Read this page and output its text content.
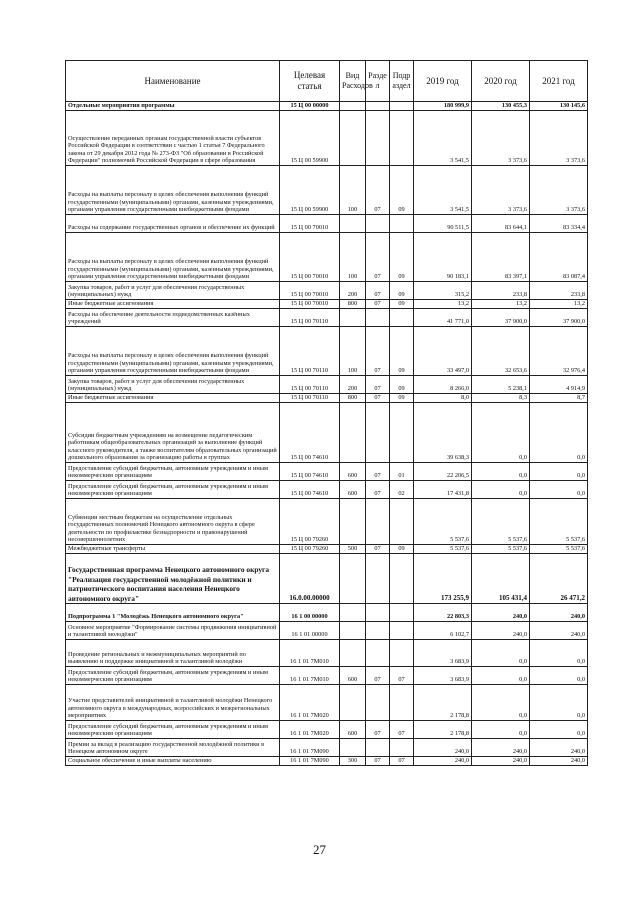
Наименование	Целевая статья	Вид Расходов	Разде л	Подр аздел	2019 год	2020 год	2021 год
Отдельные мероприятия программы	15 Ц 00 00000				180 999,9	130 455,3	130 145,6
Осуществление переданных органам государственной власти субъектов Российской Федерации в соответствии с частью 1 статьи 7 Федерального закона от 29 декабря 2012 года № 273-ФЗ "Об образовании в Российской Федерации" полномочий Российской Федерации в сфере образования	15 Ц 00 59900				3 541,5	3 373,6	3 373,6
Расходы на выплаты персоналу в целях обеспечения выполнения функций государственными (муниципальными) органами, казенными учреждениями, органами управления государственными внебюджетными фондами	15 Ц 00 59900	100	07	09	3 541,5	3 373,6	3 373,6
Расходы на содержание государственных органов и обеспечение их функций	15 Ц 00 70010				90 511,5	83 644,1	83 334,4
Расходы на выплаты персоналу в целях обеспечения выполнения функций государственными (муниципальными) органами, казенными учреждениями, органами управления государственными внебюджетными фондами	15 Ц 00 70010	100	07	09	90 183,1	83 397,1	83 087,4
Закупка товаров, работ и услуг для обеспечения государственных (муниципальных) нужд	15 Ц 00 70010	200	07	09	315,2	233,8	233,8
Иные бюджетные ассигнования	15 Ц 00 70010	800	07	09	13,2	13,2	13,2
Расходы на обеспечение деятельности подведомственных казённых учреждений	15 Ц 00 70110				41 771,0	37 900,0	37 900,0
Расходы на выплаты персоналу в целях обеспечения выполнения функций государственными (муниципальными) органами, казенными учреждениями, органами управления государственными внебюджетными фондами	15 Ц 00 70110	100	07	09	33 497,0	32 653,6	32 976,4
Закупка товаров, работ и услуг для обеспечения государственных (муниципальных) нужд	15 Ц 00 70110	200	07	09	8 266,0	5 238,1	4 914,9
Иные бюджетные ассигнования	15 Ц 00 70110	800	07	09	8,0	8,3	8,7
Субсидии бюджетным учреждениям на возмещение педагогическим работникам общеобразовательных организаций за выполнение функций классного руководителя, а также воспитателям образовательных организаций дошкольного образования за организацию работы в группах	15 Ц 00 74610				39 638,3	0,0	0,0
Предоставление субсидий бюджетным, автономным учреждениям и иным некоммерческим организациям	15 Ц 00 74610	600	07	01	22 206,5	0,0	0,0
Предоставление субсидий бюджетным, автономным учреждениям и иным некоммерческим организациям	15 Ц 00 74610	600	07	02	17 431,8	0,0	0,0
Субвенции местным бюджетам на осуществление отдельных государственных полномочий Ненецкого автономного округа в сфере деятельности по профилактике безнадзорности и правонарушений несовершеннолетних	15 Ц 00 79260				5 537,6	5 537,6	5 537,6
Межбюджетные трансферты	15 Ц 00 79260	500	07	09	5 537,6	5 537,6	5 537,6
Государственная программа Ненецкого автономного округа "Реализация государственной молодёжной политики и патриотического воспитания населения Ненецкого автономного округа"	16.0.00.00000				173 255,9	105 431,4	26 471,2
Подпрограмма 1 "Молодёжь Ненецкого автономного округа"	16 1 00 00000				22 803,3	240,0	240,0
Основное мероприятие "Формирование системы продвижения инициативной и талантливой молодёжи"	16 1 01 00000				6 102,7	240,0	240,0
Проведение региональных и межмуниципальных мероприятий по выявлению и поддержке инициативной и талантливой молодёжи	16 1 01 7М010				3 683,9	0,0	0,0
Предоставление субсидий бюджетным, автономным учреждениям и иным некоммерческим организациям	16 1 01 7М010	600	07	07	3 683,9	0,0	0,0
Участие представителей инициативной и талантливой молодёжи Ненецкого автономного округа в международных, всероссийских и межрегиональных мероприятиях	16 1 01 7М020				2 178,8	0,0	0,0
Предоставление субсидий бюджетным, автономным учреждениям и иным некоммерческим организациям	16 1 01 7М020	600	07	07	2 178,8	0,0	0,0
Премии за вклад в реализацию государственной молодёжной политики в Ненецком автономном округе	16 1 01 7М090				240,0	240,0	240,0
Социальное обеспечение и иные выплаты населению	16 1 01 7М090	300	07	07	240,0	240,0	240,0
27
